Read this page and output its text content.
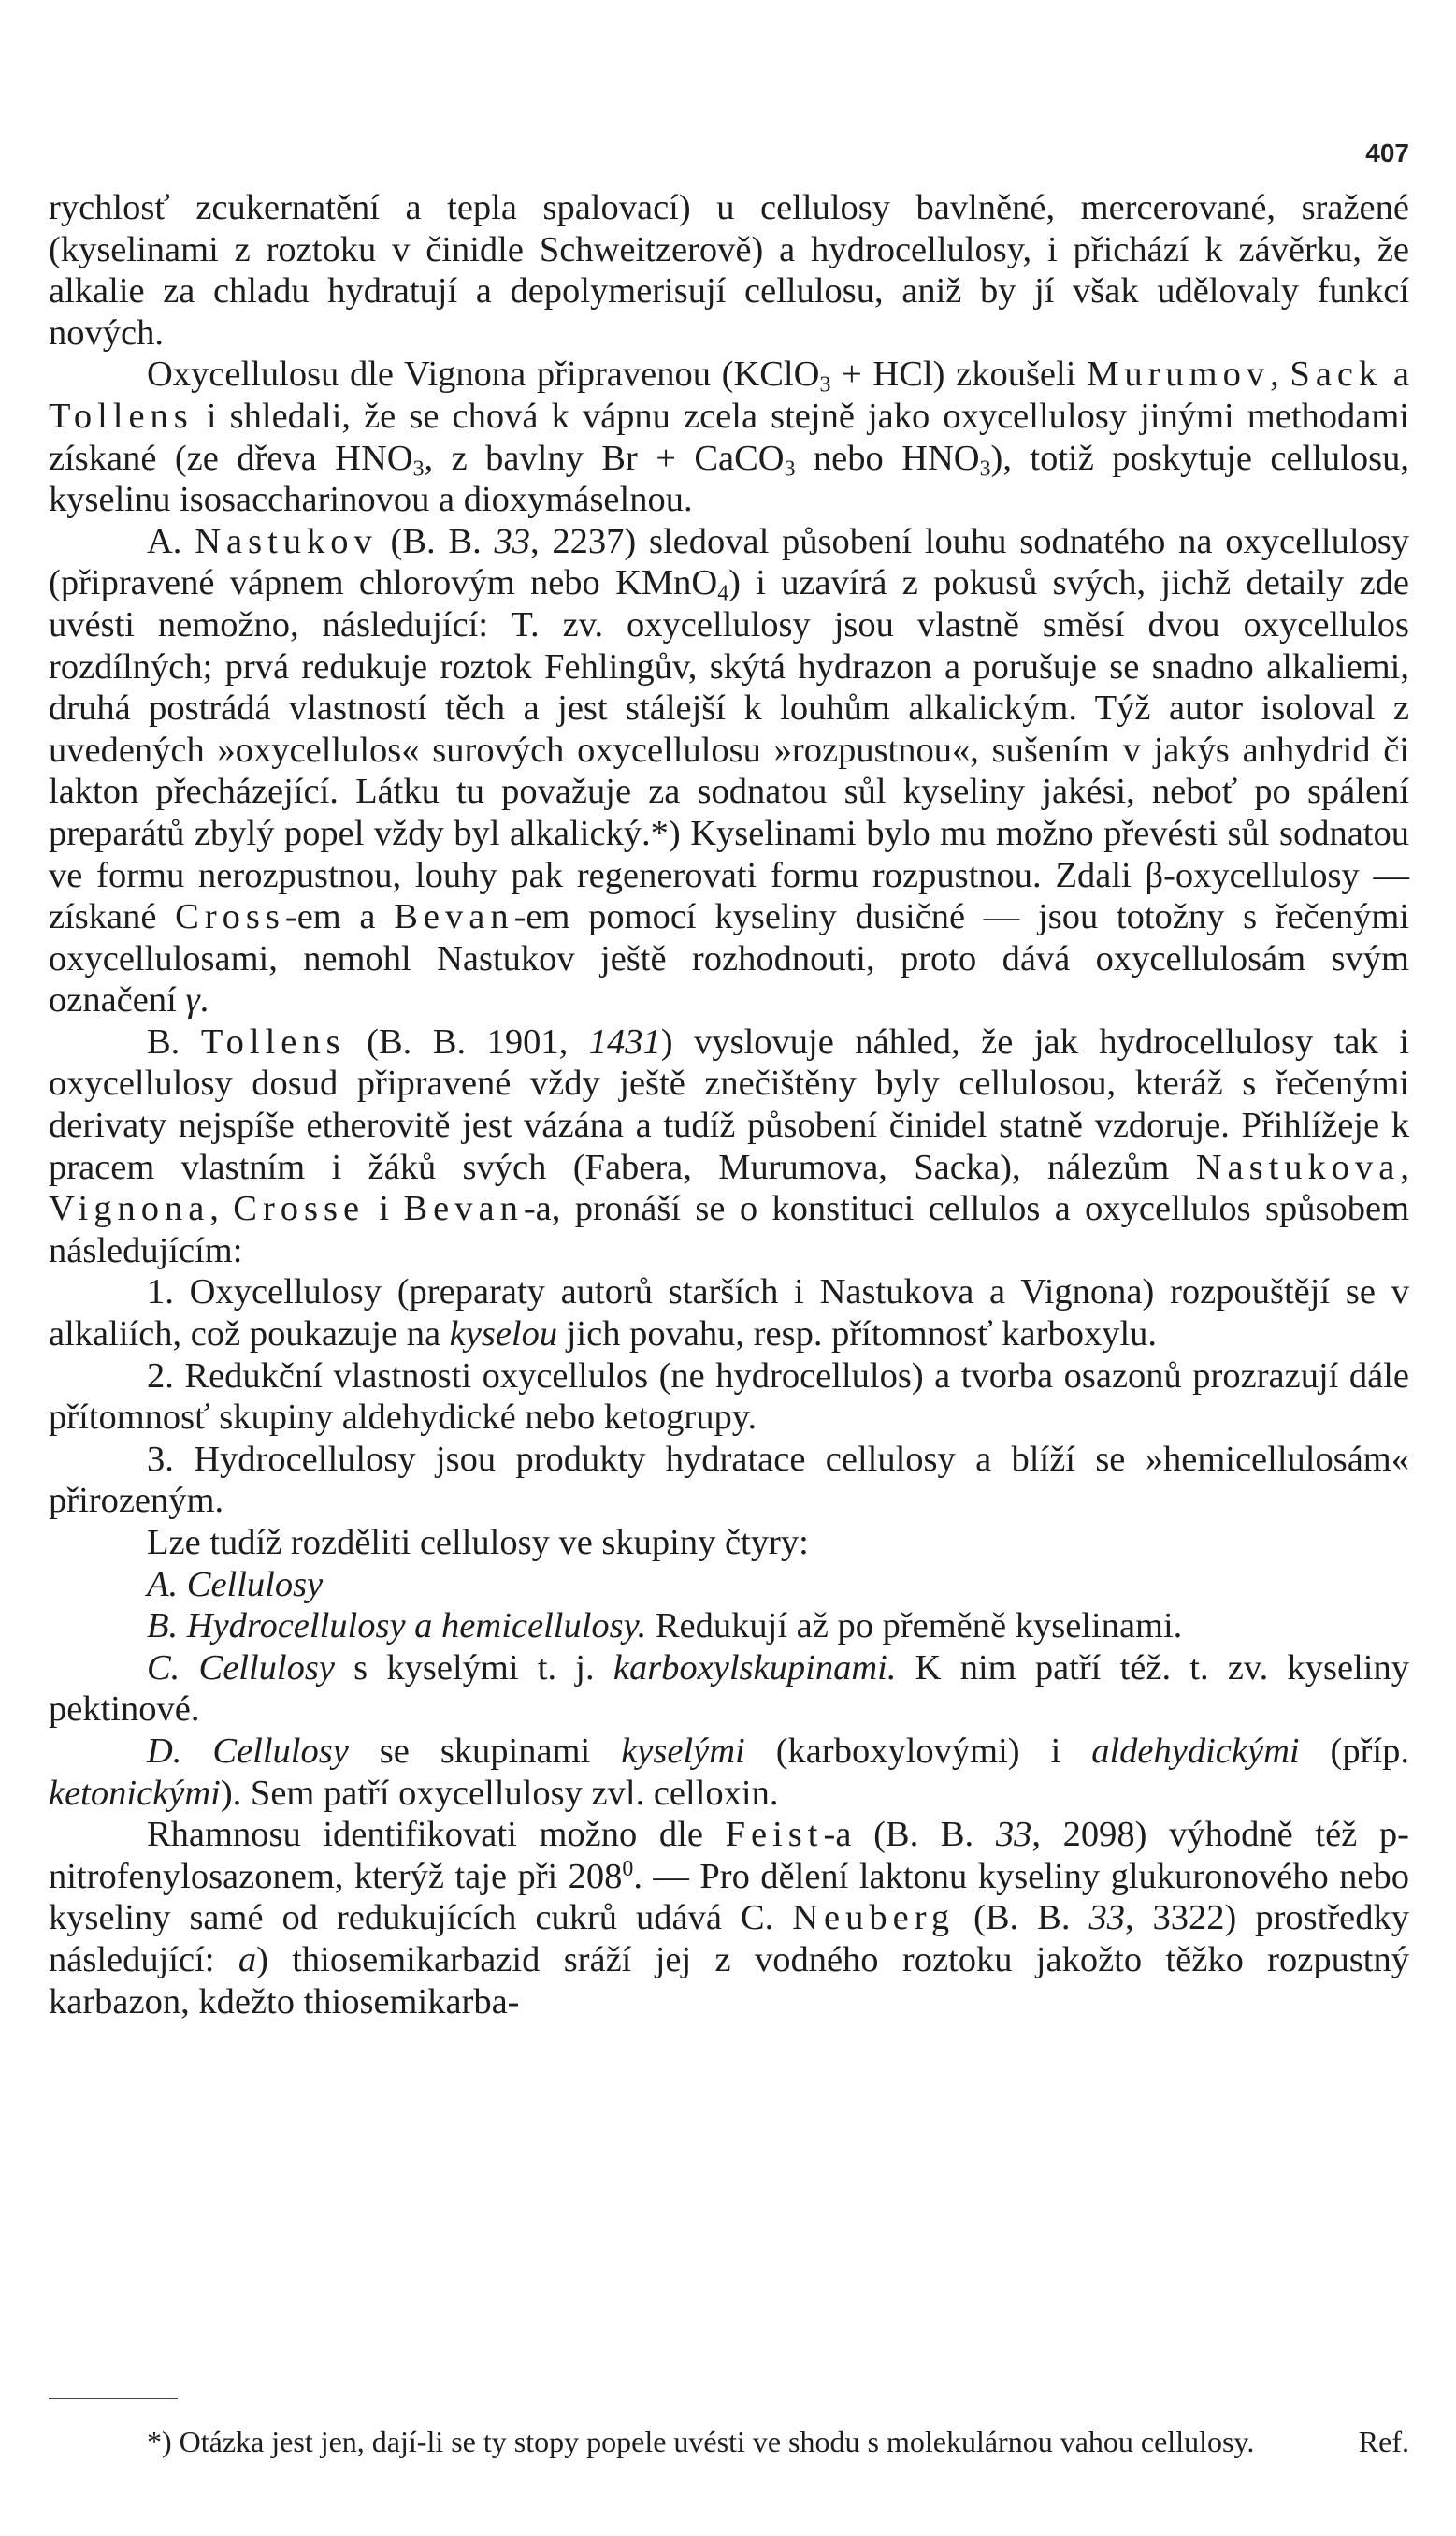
407

rychlosť zcukernatění a tepla spalovací) u cellulosy bavlněné, mercerované, sražené (kyselinami z roztoku v činidle Schweitzerově) a hydrocellulosy, i přichází k závěrku, že alkalie za chladu hydratují a depolymerisují cellulosu, aniž by jí však udělovaly funkcí nových.

Oxycellulosu dle Vignona připravenou (KClO$_3$ + HCl) zkoušeli Murumov, Sack a Tollens i shledali, že se chová k vápnu zcela stejně jako oxycellulosy jinými methodami získané (ze dřeva $HNO_3$, z bavlny Br + CaCO$_3$ nebo $HNO_3$), totiž poskytuje cellulosu, kyselinu isosaccharinovou a dioxymáselnou.

A. Nastukov (B. B. 33, 2237) sledoval působení louhu sodnatého na oxycellulosy (připravené vápnem chlorovým nebo KMnO$_4$) i uzavírá z pokusů svých, jichž detaily zde uvésti nemožno, následující: T. zv. oxycellulosy jsou vlastně směsí dvou oxycellulos rozdílných; prvá redukuje roztok Fehlingův, skýtá hydrazon a porušuje se snadno alkaliemi, druhá postrádá vlastností těch a jest stálejší k louhům alkalickým. Týž autor isoloval z uvedených »oxycellulos« surových oxycellulosu »rozpustnou«, sušením v jakýs anhydrid či lakton přecházející. Látku tu považuje za sodnatou sůl kyseliny jakési, neboť po spálení preparátů zbylý popel vždy byl alkalický.*) Kyselinami bylo mu možno převésti sůl sodnatou ve formu nerozpustnou, louhy pak regenerovati formu rozpustnou. Zdali β-oxycellulosy — získané Cross-em a Bevan-em pomocí kyseliny dusičné — jsou totožny s řečenými oxycellulosami, nemohl Nastukov ještě rozhodnouti, proto dává oxycellulosám svým označení γ.

B. Tollens (B. B. 1901, 1431) vyslovuje náhled, že jak hydrocellulosy tak i oxycellulosy dosud připravené vždy ještě znečištěny byly cellulosou, kteráž s řečenými derivaty nejspíše etherovitě jest vázána a tudíž působení činidel statně vzdoruje. Přihlížeje k pracem vlastním i žáků svých (Fabera, Murumova, Sacka), nálezům Nastukova, Vignona, Crosse i Bevan-a, pronáší se o konstituci cellulos a oxycellulos spůsobem následujícím:

1. Oxycellulosy (preparaty autorů starších i Nastukova a Vignona) rozpouštějí se v alkaliích, což poukazuje na kyselou jich povahu, resp. přítomnosť karboxylu.

2. Redukční vlastnosti oxycellulos (ne hydrocellulos) a tvorba osazonů prozrazují dále přítomnosť skupiny aldehydické nebo ketogrupy.

3. Hydrocellulosy jsou produkty hydratace cellulosy a blíží se »hemicellulosám« přirozeným.

Lze tudíž rozděliti cellulosy ve skupiny čtyry:

A. Cellulosy

B. Hydrocellulosy a hemicellulosy. Redukují až po přeměně kyselinami.

C. Cellulosy s kyselými t. j. karboxylskupinami. K nim patří též. t. zv. kyseliny pektinové.

D. Cellulosy se skupinami kyselými (karboxylovými) i aldehydickými (příp. ketonickými). Sem patří oxycellulosy zvl. celloxin.

Rhamnosu identifikovati možno dle Feist-a (B. B. 33, 2098) výhodně též p-nitrofenylosazonem, kterýž taje při $208^0$. — Pro dělení laktonu kyseliny glukuronového nebo kyseliny samé od redukujících cukrů udává C. Neuberg (B. B. 33, 3322) prostředky následující: a) thiosemikarbazid sráží jej z vodného roztoku jakožto těžko rozpustný karbazon, kdežto thiosemikarba-

*) Otázka jest jen, dají-li se ty stopy popele uvésti ve shodu s molekulárnou vahou cellulosy.	Ref.
